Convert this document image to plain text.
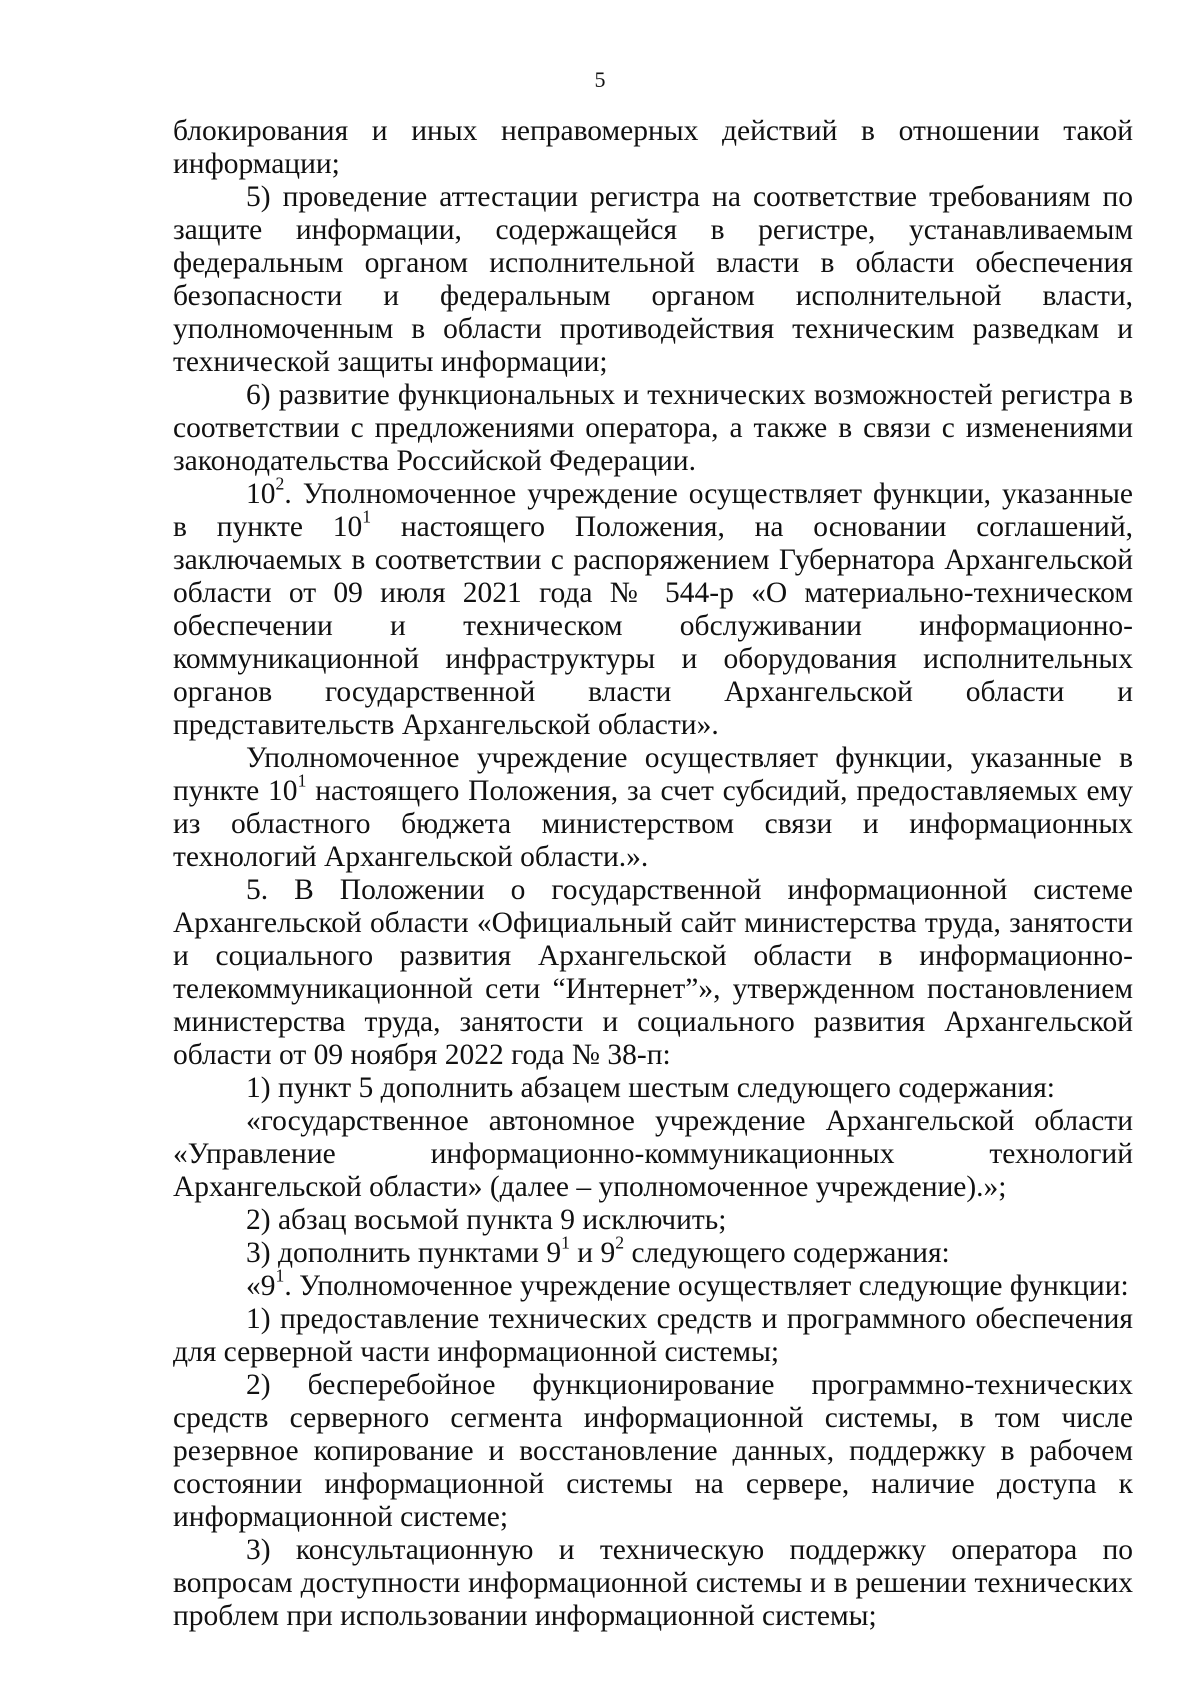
5

блокирования и иных неправомерных действий в отношении такой информации;

5) проведение аттестации регистра на соответствие требованиям по защите информации, содержащейся в регистре, устанавливаемым федеральным органом исполнительной власти в области обеспечения безопасности и федеральным органом исполнительной власти, уполномоченным в области противодействия техническим разведкам и технической защиты информации;

6) развитие функциональных и технических возможностей регистра в соответствии с предложениями оператора, а также в связи с изменениями законодательства Российской Федерации.

$10^2$. Уполномоченное учреждение осуществляет функции, указанные в пункте $10^1$ настоящего Положения, на основании соглашений, заключаемых в соответствии с распоряжением Губернатора Архангельской области от 09 июля 2021 года № 544-р «О материально-техническом обеспечении и техническом обслуживании информационно-коммуникационной инфраструктуры и оборудования исполнительных органов государственной власти Архангельской области и представительств Архангельской области».

Уполномоченное учреждение осуществляет функции, указанные в пункте $10^1$ настоящего Положения, за счет субсидий, предоставляемых ему из областного бюджета министерством связи и информационных технологий Архангельской области.».

5. В Положении о государственной информационной системе Архангельской области «Официальный сайт министерства труда, занятости и социального развития Архангельской области в информационно-телекоммуникационной сети “Интернет”», утвержденном постановлением министерства труда, занятости и социального развития Архангельской области от 09 ноября 2022 года № 38-п:

1) пункт 5 дополнить абзацем шестым следующего содержания:

«государственное автономное учреждение Архангельской области «Управление информационно-коммуникационных технологий Архангельской области» (далее – уполномоченное учреждение).»;

2) абзац восьмой пункта 9 исключить;

3) дополнить пунктами $9^1$ и $9^2$ следующего содержания:

«$9^1$. Уполномоченное учреждение осуществляет следующие функции:

1) предоставление технических средств и программного обеспечения для серверной части информационной системы;

2) бесперебойное функционирование программно-технических средств серверного сегмента информационной системы, в том числе резервное копирование и восстановление данных, поддержку в рабочем состоянии информационной системы на сервере, наличие доступа к информационной системе;

3) консультационную и техническую поддержку оператора по вопросам доступности информационной системы и в решении технических проблем при использовании информационной системы;
